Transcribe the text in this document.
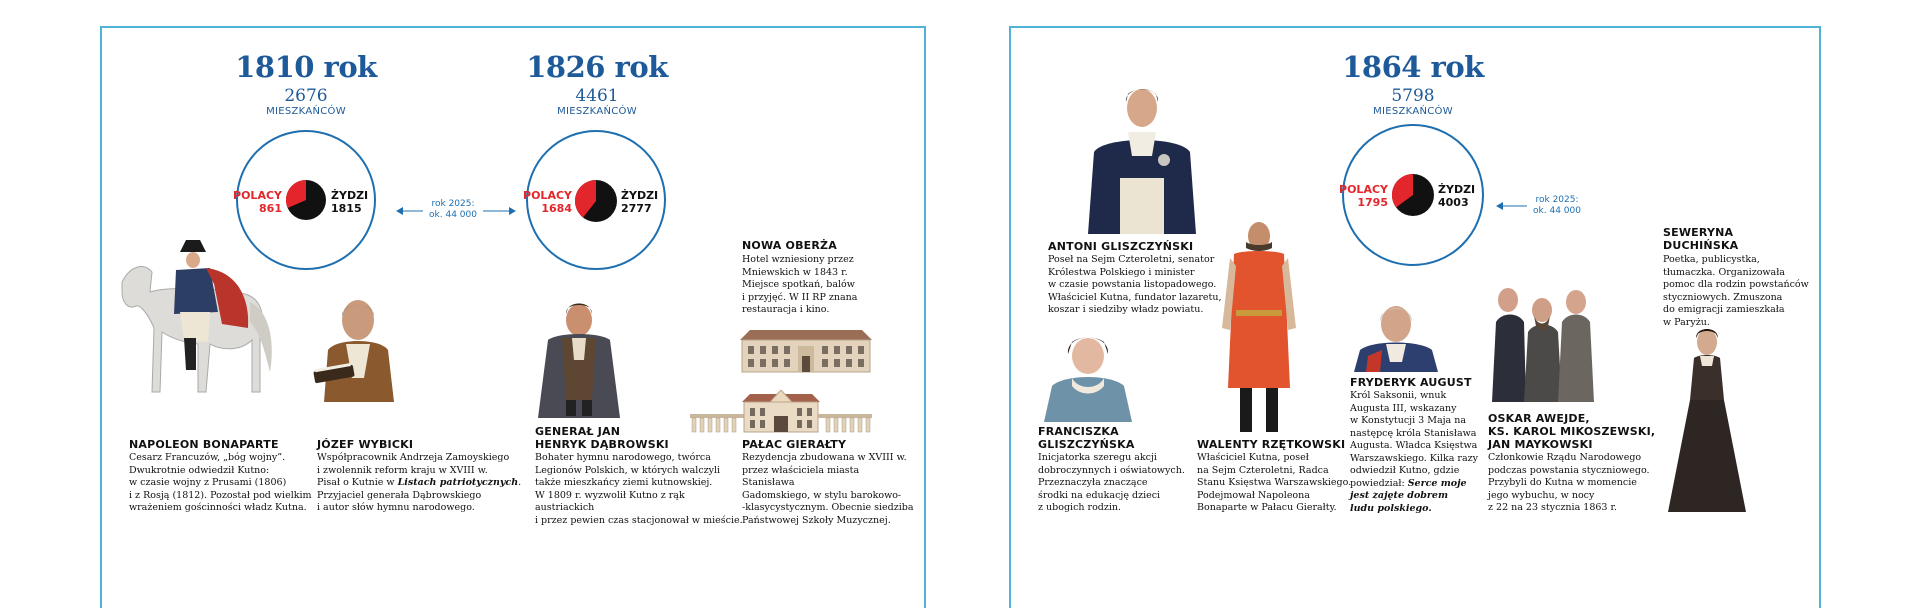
1810 rok
2676
MIESZKAŃCÓW
POLACY
861
ŻYDZI
1815	rok 2025:
ok. 44 000
1826 rok
4461
MIESZKAŃCÓW
POLACY
1684
ŻYDZI
2777
NAPOLEON BONAPARTE
Cesarz Francuzów, „bóg wojny”.
Dwukrotnie odwiedził Kutno:
w czasie wojny z Prusami (1806)
i z Rosją (1812). Pozostał pod wielkim
wrażeniem gościnności władz Kutna.
JÓZEF WYBICKI
Współpracownik Andrzeja Zamoyskiego
i zwolennik reform kraju w XVIII w.
Pisał o Kutnie w Listach patriotycznych.
Przyjaciel generała Dąbrowskiego
i autor słów hymnu narodowego.
GENERAŁ JAN
HENRYK DĄBROWSKI
Bohater hymnu narodowego, twórca
Legionów Polskich, w których walczyli
także mieszkańcy ziemi kutnowskiej.
W 1809 r. wyzwolił Kutno z rąk austriackich
i przez pewien czas stacjonował w mieście.
NOWA OBERŻA
Hotel wzniesiony przez
Mniewskich w 1843 r.
Miejsce spotkań, balów
i przyjęć. W II RP znana
restauracja i kino.
PAŁAC GIERAŁTY
Rezydencja zbudowana w XVIII w.
przez właściciela miasta Stanisława
Gadomskiego, w stylu barokowo-
-klasycystycznym. Obecnie siedziba
Państwowej Szkoły Muzycznej.
1864 rok
5798
MIESZKAŃCÓW
POLACY
1795
ŻYDZI
4003	rok 2025:
ok. 44 000
ANTONI GLISZCZYŃSKI
Poseł na Sejm Czteroletni, senator
Królestwa Polskiego i minister
w czasie powstania listopadowego.
Właściciel Kutna, fundator lazaretu,
koszar i siedziby władz powiatu.
FRANCISZKA
GLISZCZYŃSKA
Inicjatorka szeregu akcji
dobroczynnych i oświatowych.
Przeznaczyła znaczące
środki na edukację dzieci
z ubogich rodzin.
WALENTY RZĘTKOWSKI
Właściciel Kutna, poseł
na Sejm Czteroletni, Radca
Stanu Księstwa Warszawskiego.
Podejmował Napoleona
Bonaparte w Pałacu Gierałty.
FRYDERYK AUGUST
Król Saksonii, wnuk
Augusta III, wskazany
w Konstytucji 3 Maja na
następcę króla Stanisława
Augusta. Władca Księstwa
Warszawskiego. Kilka razy
odwiedził Kutno, gdzie
powiedział: Serce moje
jest zajęte dobrem
ludu polskiego.
OSKAR AWEJDE,
KS. KAROL MIKOSZEWSKI,
JAN MAYKOWSKI
Członkowie Rządu Narodowego
podczas powstania styczniowego.
Przybyli do Kutna w momencie
jego wybuchu, w nocy
z 22 na 23 stycznia 1863 r.
SEWERYNA
DUCHIŃSKA
Poetka, publicystka,
tłumaczka. Organizowała
pomoc dla rodzin powstańców
styczniowych. Zmuszona
do emigracji zamieszkała
w Paryżu.
